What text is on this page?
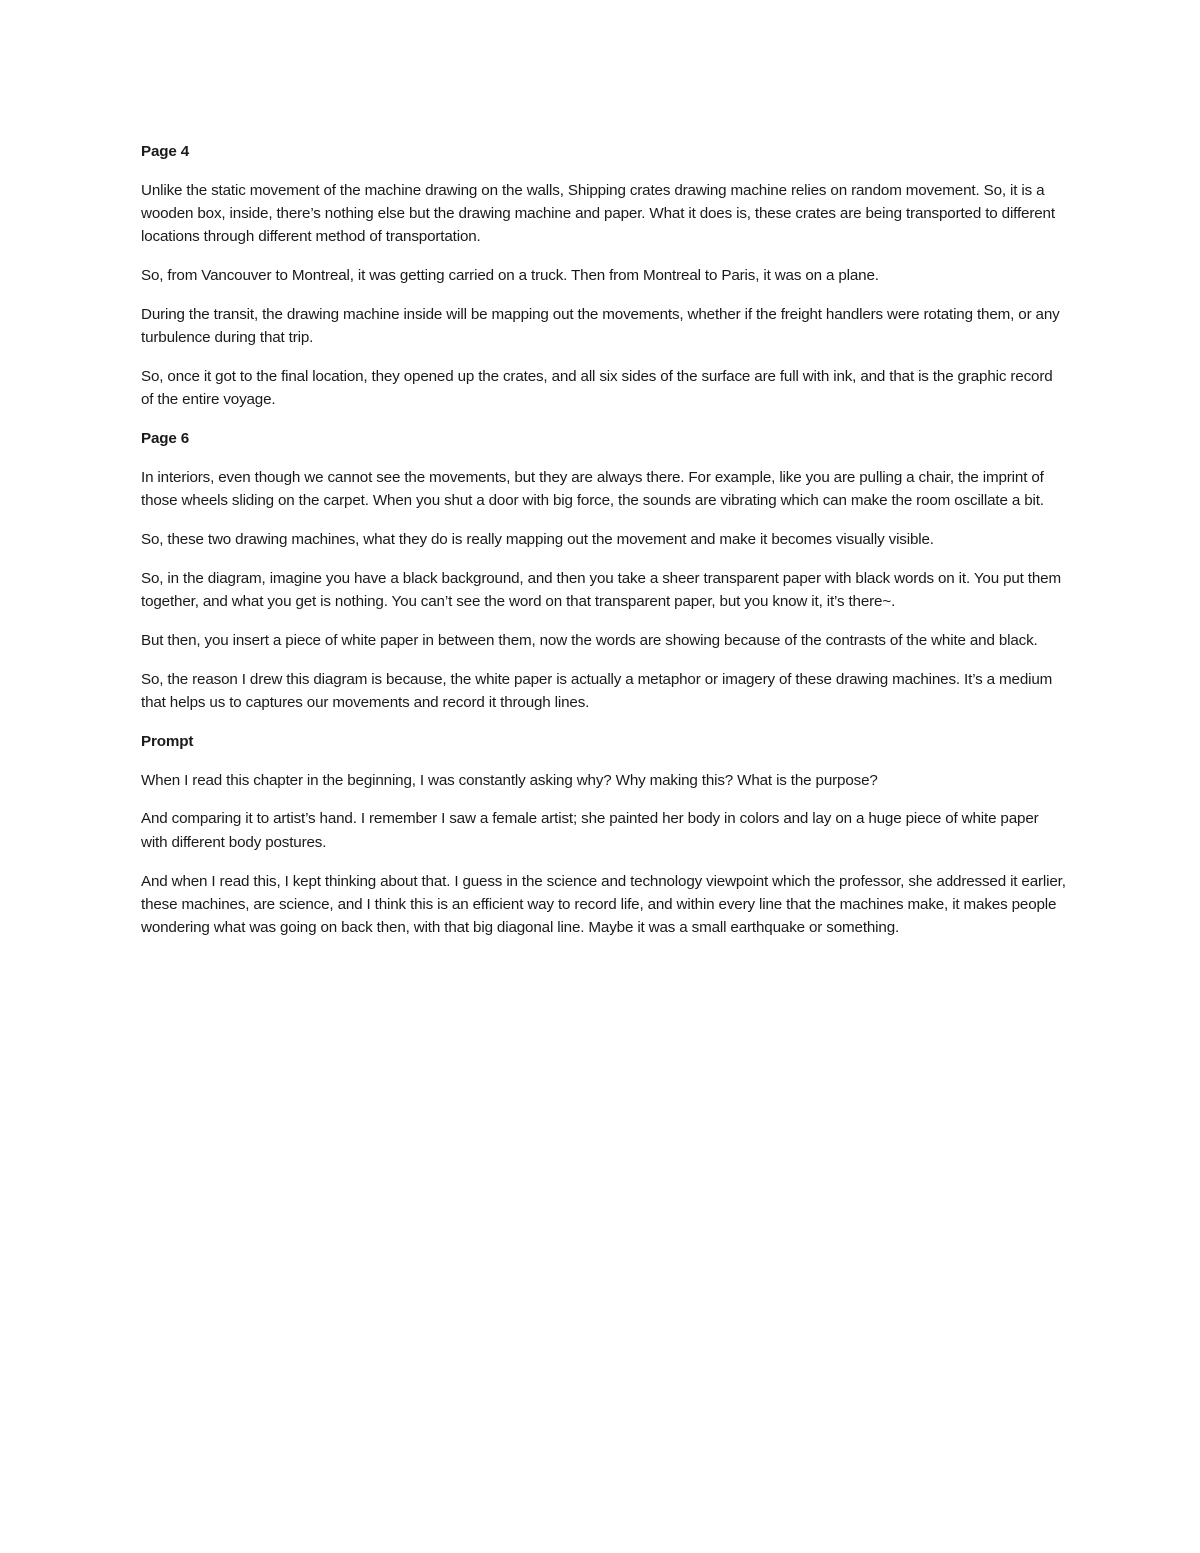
Page 4

Unlike the static movement of the machine drawing on the walls, Shipping crates drawing machine relies on random movement. So, it is a wooden box, inside, there’s nothing else but the drawing machine and paper. What it does is, these crates are being transported to different locations through different method of transportation.

So, from Vancouver to Montreal, it was getting carried on a truck. Then from Montreal to Paris, it was on a plane.

During the transit, the drawing machine inside will be mapping out the movements, whether if the freight handlers were rotating them, or any turbulence during that trip.

So, once it got to the final location, they opened up the crates, and all six sides of the surface are full with ink, and that is the graphic record of the entire voyage.

Page 6

In interiors, even though we cannot see the movements, but they are always there. For example, like you are pulling a chair, the imprint of those wheels sliding on the carpet. When you shut a door with big force, the sounds are vibrating which can make the room oscillate a bit.

So, these two drawing machines, what they do is really mapping out the movement and make it becomes visually visible.

So, in the diagram, imagine you have a black background, and then you take a sheer transparent paper with black words on it. You put them together, and what you get is nothing. You can’t see the word on that transparent paper, but you know it, it’s there~.

But then, you insert a piece of white paper in between them, now the words are showing because of the contrasts of the white and black.

So, the reason I drew this diagram is because, the white paper is actually a metaphor or imagery of these drawing machines. It’s a medium that helps us to captures our movements and record it through lines.

Prompt

When I read this chapter in the beginning, I was constantly asking why? Why making this? What is the purpose?

And comparing it to artist’s hand. I remember I saw a female artist; she painted her body in colors and lay on a huge piece of white paper with different body postures.

And when I read this, I kept thinking about that. I guess in the science and technology viewpoint which the professor, she addressed it earlier, these machines, are science, and I think this is an efficient way to record life, and within every line that the machines make, it makes people wondering what was going on back then, with that big diagonal line. Maybe it was a small earthquake or something.
